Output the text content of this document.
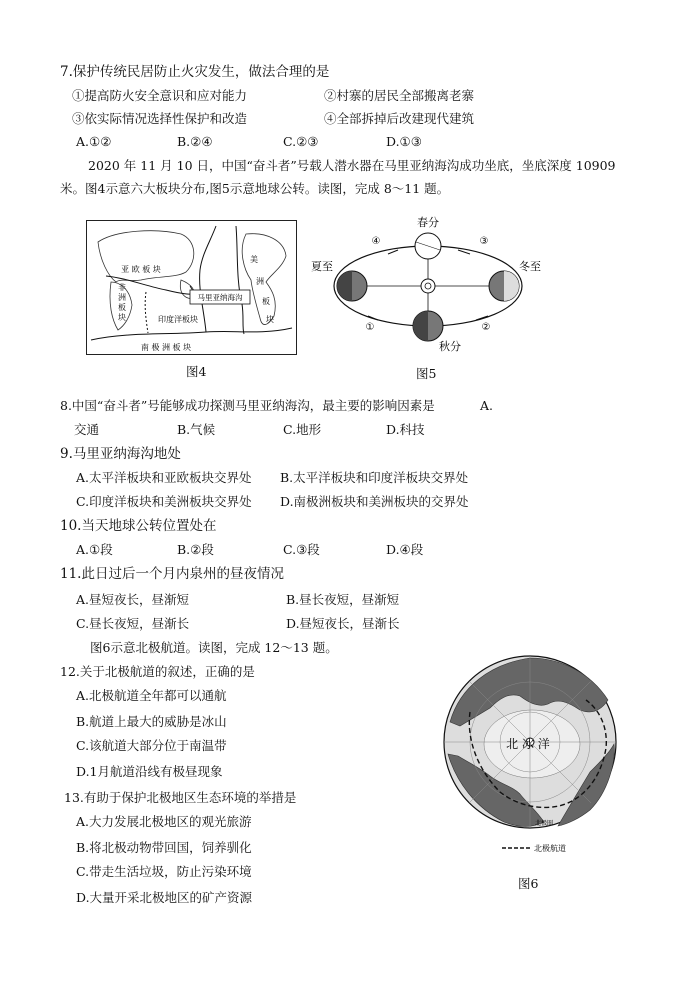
7.保护传统民居防止火灾发生，做法合理的是
①提高防火安全意识和应对能力	②村寨的居民全部搬离老寨
③依实际情况选择性保护和改造	④全部拆掉后改建现代建筑
A.①②	B.②④	C.②③	D.①③
2020 年 11 月 10 日，中国“奋斗者”号载人潜水器在马里亚纳海沟成功坐底，坐底深度 10909
米。图4示意六大板块分布,图5示意地球公转。读图，完成 8～11 题。
马里亚纳海沟
亚 欧 板 块
美
洲
板
块
非
洲
板
块	印度洋板块
南 极 洲 板 块
图4
春分
夏至	冬至
秋分
①	②
③
④
图5
8.中国“奋斗者”号能够成功探测马里亚纳海沟，最主要的影响因素是	A.
交通	B.气候	C.地形	D.科技
9.马里亚纳海沟地处
A.太平洋板块和亚欧板块交界处 B.太平洋板块和印度洋板块交界处
C.印度洋板块和美洲板块交界处 D.南极洲板块和美洲板块的交界处
10.当天地球公转位置处在
A.①段	B.②段	C.③段	D.④段
11.此日过后一个月内泉州的昼夜情况
A.昼短夜长，昼渐短	B.昼长夜短，昼渐短
C.昼长夜短，昼渐长	D.昼短夜长，昼渐长
图6示意北极航道。读图，完成 12～13 题。
12.关于北极航道的叙述，正确的是
A.北极航道全年都可以通航
B.航道上最大的威胁是冰山
C.该航道大部分位于南温带
D.1月航道沿线有极昼现象
13.有助于保护北极地区生态环境的举措是
A.大力发展北极地区的观光旅游
B.将北极动物带回国，饲养驯化
C.带走生活垃圾，防止污染环境
D.大量开采北极地区的矿产资源
北 冰 洋
北极圈
北极航道
图6
